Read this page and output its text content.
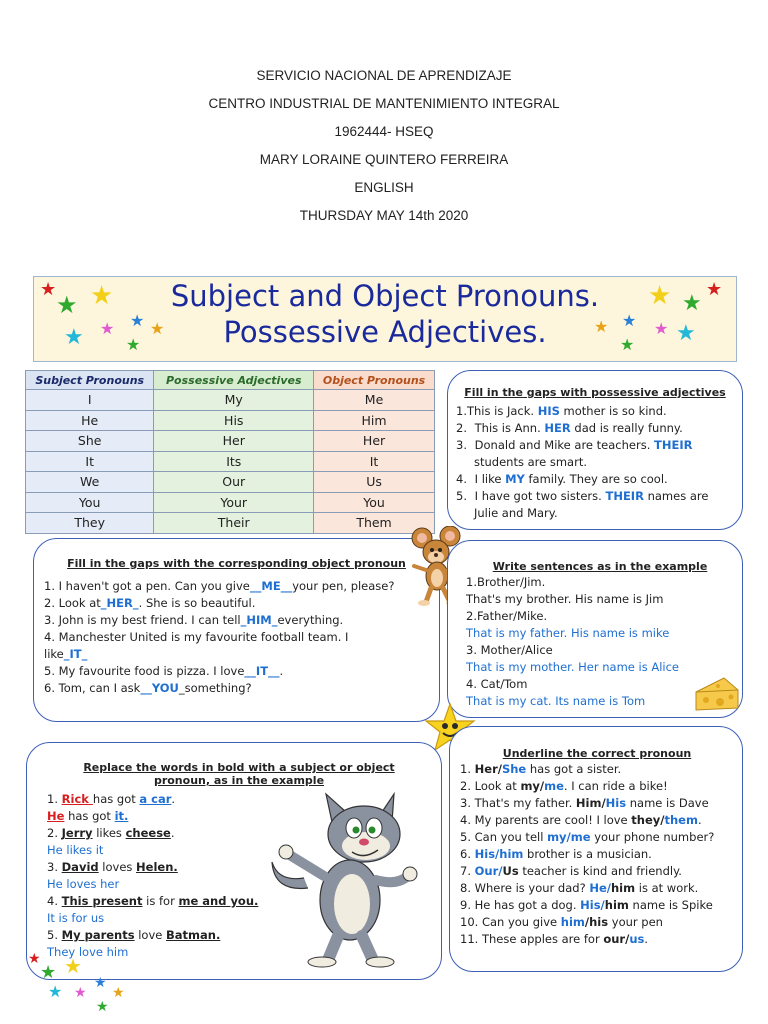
SERVICIO NACIONAL DE APRENDIZAJE
CENTRO INDUSTRIAL DE MANTENIMIENTO INTEGRAL
1962444- HSEQ
MARY LORAINE QUINTERO FERREIRA
ENGLISH
THURSDAY MAY 14th 2020
★
★ ★
★ ★
★
★	★
★ ★
★
★ ★ ★
★
★
Subject and Object Pronouns.
Possessive Adjectives.
Subject Pronouns	Possessive Adjectives	Object Pronouns
I	My	Me
He	His	Him
She	Her	Her
It	Its	It
We	Our	Us
You	Your	You
They	Their	Them
Fill in the gaps with possessive adjectives
1.This is Jack. HIS mother is so kind.
2. This is Ann. HER dad is really funny.
3. Donald and Mike are teachers. THEIR
students are smart.
4. I like MY family. They are so cool.
5. I have got two sisters. THEIR names are
Julie and Mary.
Fill in the gaps with the corresponding object pronoun
1. I haven't got a pen. Can you give__ME__your pen, please?
2. Look at_HER_. She is so beautiful.
3. John is my best friend. I can tell_HIM_everything.
4. Manchester United is my favourite football team. I
like_IT_
5. My favourite food is pizza. I love__IT__.
6. Tom, can I ask__YOU_something?
Write sentences as in the example
1.Brother/Jim.
That's my brother. His name is Jim
2.Father/Mike.
That is my father. His name is mike
3. Mother/Alice
That is my mother. Her name is Alice
4. Cat/Tom
That is my cat. Its name is Tom
Replace the words in bold with a subject or object
pronoun, as in the example
1. Rick has got a car.
He has got it.
2. Jerry likes cheese.
He likes it
3. David loves Helen.
He loves her
4. This present is for me and you.
It is for us
5. My parents love Batman.
They love him
★
★ ★
★ ★
★
★
★
Underline the correct pronoun
1. Her/She has got a sister.
2. Look at my/me. I can ride a bike!
3. That's my father. Him/His name is Dave
4. My parents are cool! I love they/them.
5. Can you tell my/me your phone number?
6. His/him brother is a musician.
7. Our/Us teacher is kind and friendly.
8. Where is your dad? He/him is at work.
9. He has got a dog. His/him name is Spike
10. Can you give him/his your pen
11. These apples are for our/us.
